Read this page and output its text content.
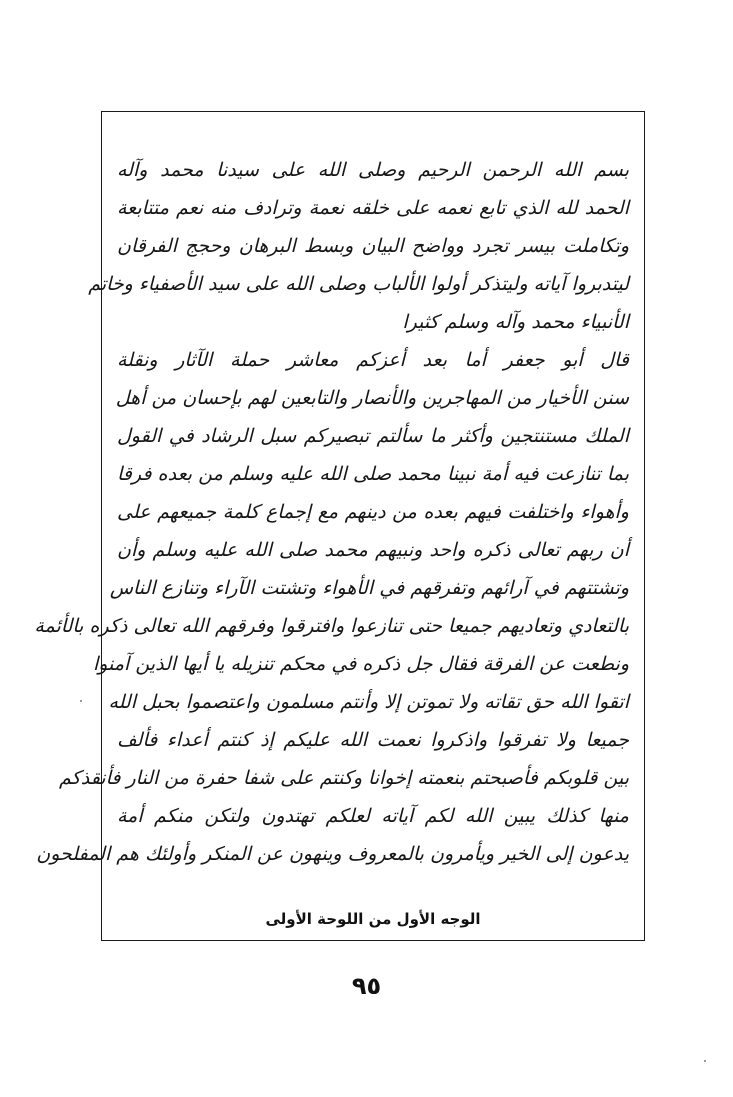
بسم الله الرحمن الرحيم وصلى الله على سيدنا محمد وآله
الحمد لله الذي تابع نعمه على خلقه نعمة وترادف منه نعم متتابعة
وتكاملت بيسر تجرد وواضح البيان وبسط البرهان وحجج الفرقان
ليتدبروا آياته وليتذكر أولوا الألباب وصلى الله على سيد الأصفياء وخاتم
الأنبياء محمد وآله وسلم كثيرا
قال أبو جعفر أما بعد أعزكم معاشر حملة الآثار ونقلة
سنن الأخيار من المهاجرين والأنصار والتابعين لهم بإحسان من أهل
الملك مستنتجين وأكثر ما سألتم تبصيركم سبل الرشاد في القول
بما تنازعت فيه أمة نبينا محمد صلى الله عليه وسلم من بعده فرقا
وأهواء واختلفت فيهم بعده من دينهم مع إجماع كلمة جميعهم على
أن ربهم تعالى ذكره واحد ونبيهم محمد صلى الله عليه وسلم وأن
وتشتتهم في آرائهم وتفرقهم في الأهواء وتشتت الآراء وتنازع الناس
بالتعادي وتعاديهم جميعا حتى تنازعوا وافترقوا وفرقهم الله تعالى ذكره بالأئمة
ونطعت عن الفرقة فقال جل ذكره في محكم تنزيله يا أيها الذين آمنوا
اتقوا الله حق تقاته ولا تموتن إلا وأنتم مسلمون واعتصموا بحبل الله
جميعا ولا تفرقوا واذكروا نعمت الله عليكم إذ كنتم أعداء فألف
بين قلوبكم فأصبحتم بنعمته إخوانا وكنتم على شفا حفرة من النار فأنقذكم
منها كذلك يبين الله لكم آياته لعلكم تهتدون ولتكن منكم أمة
يدعون إلى الخير ويأمرون بالمعروف وينهون عن المنكر وأولئك هم المفلحون
الوجه الأول من اللوحة الأولى
٩٥
